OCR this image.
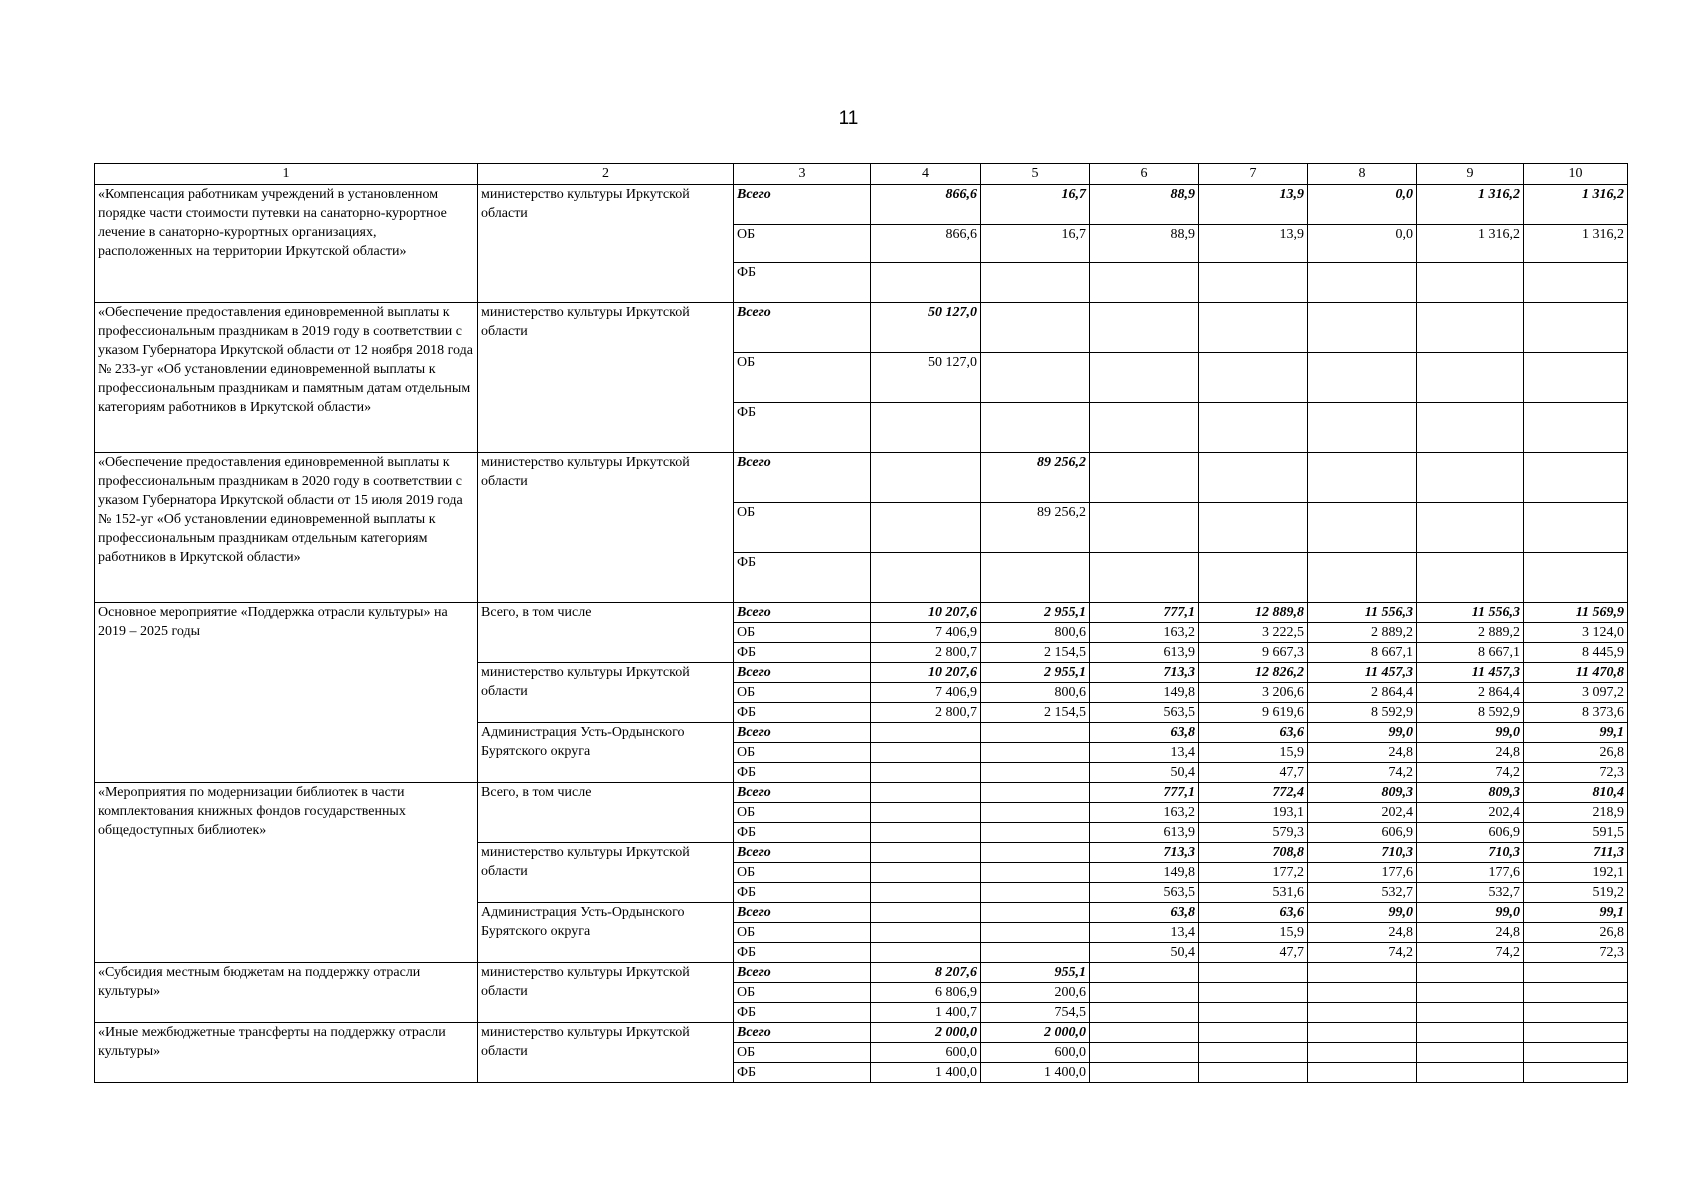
11
1	2	3	4	5	6	7	8	9	10
«Компенсация работникам учреждений в установленном порядке части стоимости путевки на санаторно-курортное лечение в санаторно-курортных организациях, расположенных на территории Иркутской области»	министерство культуры Иркутской области	Всего	866,6	16,7	88,9	13,9	0,0	1 316,2	1 316,2
		ОБ	866,6	16,7	88,9	13,9	0,0	1 316,2	1 316,2
		ФБ							
«Обеспечение предоставления единовременной выплаты к профессиональным праздникам в 2019 году в соответствии с указом Губернатора Иркутской области от 12 ноября 2018 года № 233-уг «Об установлении единовременной выплаты к профессиональным праздникам и памятным датам отдельным категориям работников в Иркутской области»	министерство культуры Иркутской области	Всего	50 127,0						
		ОБ	50 127,0						
		ФБ							
«Обеспечение предоставления единовременной выплаты к профессиональным праздникам в 2020 году в соответствии с указом Губернатора Иркутской области от 15 июля 2019 года № 152-уг «Об установлении единовременной выплаты к профессиональным праздникам отдельным категориям работников в Иркутской области»	министерство культуры Иркутской области	Всего		89 256,2					
		ОБ		89 256,2					
		ФБ							
Основное мероприятие «Поддержка отрасли культуры» на 2019 – 2025 годы	Всего, в том числе	Всего	10 207,6	2 955,1	777,1	12 889,8	11 556,3	11 556,3	11 569,9
		ОБ	7 406,9	800,6	163,2	3 222,5	2 889,2	2 889,2	3 124,0
		ФБ	2 800,7	2 154,5	613,9	9 667,3	8 667,1	8 667,1	8 445,9
	министерство культуры Иркутской области	Всего	10 207,6	2 955,1	713,3	12 826,2	11 457,3	11 457,3	11 470,8
		ОБ	7 406,9	800,6	149,8	3 206,6	2 864,4	2 864,4	3 097,2
		ФБ	2 800,7	2 154,5	563,5	9 619,6	8 592,9	8 592,9	8 373,6
	Администрация Усть-Ордынского Бурятского округа	Всего			63,8	63,6	99,0	99,0	99,1
		ОБ			13,4	15,9	24,8	24,8	26,8
		ФБ			50,4	47,7	74,2	74,2	72,3
«Мероприятия по модернизации библиотек в части комплектования книжных фондов государственных общедоступных библиотек»	Всего, в том числе	Всего			777,1	772,4	809,3	809,3	810,4
		ОБ			163,2	193,1	202,4	202,4	218,9
		ФБ			613,9	579,3	606,9	606,9	591,5
	министерство культуры Иркутской области	Всего			713,3	708,8	710,3	710,3	711,3
		ОБ			149,8	177,2	177,6	177,6	192,1
		ФБ			563,5	531,6	532,7	532,7	519,2
	Администрация Усть-Ордынского Бурятского округа	Всего			63,8	63,6	99,0	99,0	99,1
		ОБ			13,4	15,9	24,8	24,8	26,8
		ФБ			50,4	47,7	74,2	74,2	72,3
«Субсидия местным бюджетам на поддержку отрасли культуры»	министерство культуры Иркутской области	Всего	8 207,6	955,1					
		ОБ	6 806,9	200,6					
		ФБ	1 400,7	754,5					
«Иные межбюджетные трансферты на поддержку отрасли культуры»	министерство культуры Иркутской области	Всего	2 000,0	2 000,0					
		ОБ	600,0	600,0					
		ФБ	1 400,0	1 400,0					
